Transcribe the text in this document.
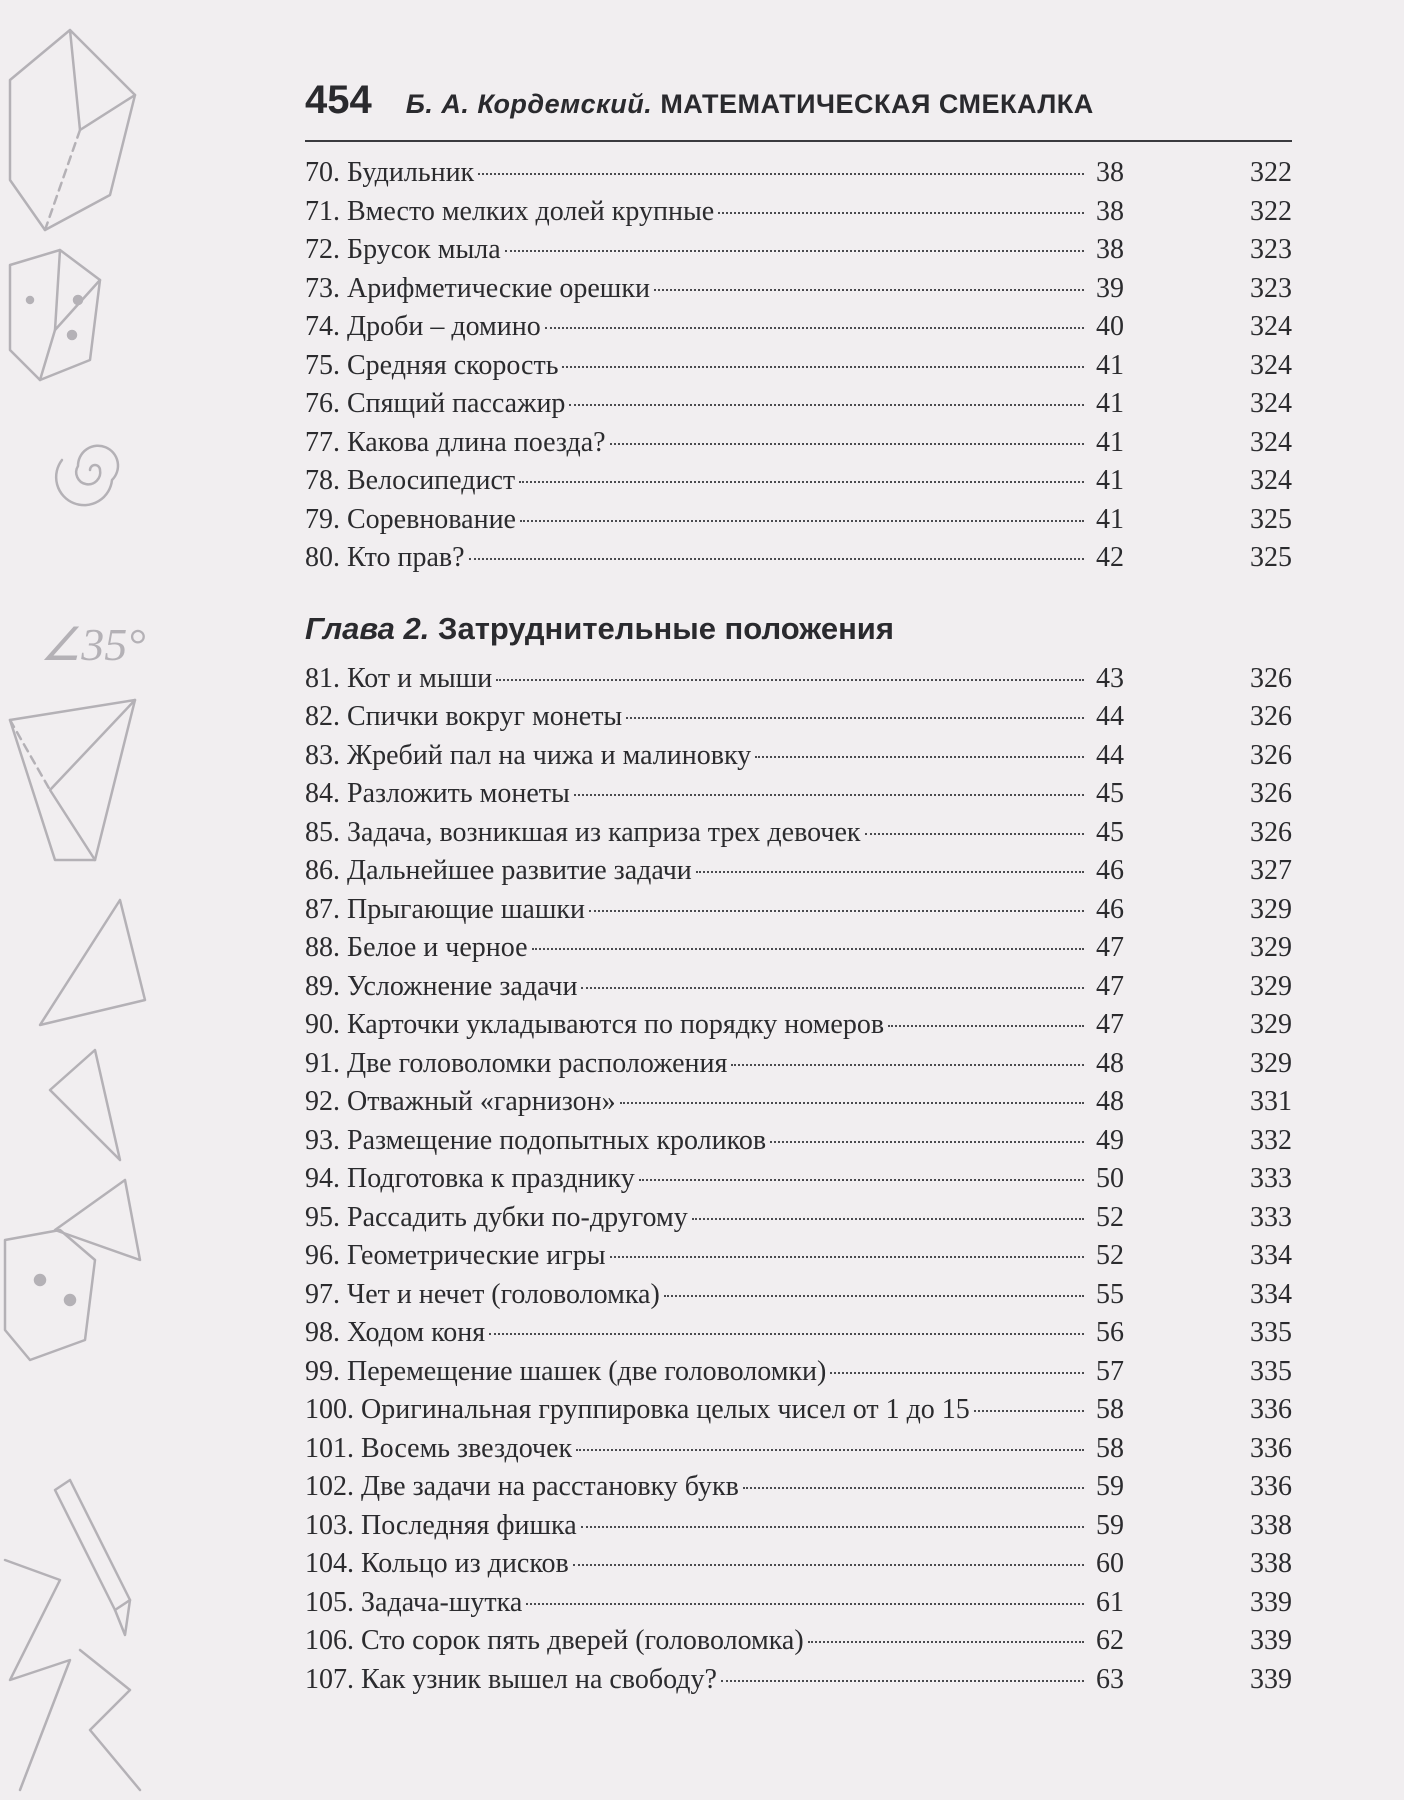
∠35°
454 Б. А. Кордемский. МАТЕМАТИЧЕСКАЯ СМЕКАЛКА
70. Будильник	38	322
71. Вместо мелких долей крупные	38	322
72. Брусок мыла	38	323
73. Арифметические орешки	39	323
74. Дроби – домино	40	324
75. Средняя скорость	41	324
76. Спящий пассажир	41	324
77. Какова длина поезда?	41	324
78. Велосипедист	41	324
79. Соревнование	41	325
80. Кто прав?	42	325
Глава 2. Затруднительные положения
81. Кот и мыши	43	326
82. Спички вокруг монеты	44	326
83. Жребий пал на чижа и малиновку	44	326
84. Разложить монеты	45	326
85. Задача, возникшая из каприза трех девочек	45	326
86. Дальнейшее развитие задачи	46	327
87. Прыгающие шашки	46	329
88. Белое и черное	47	329
89. Усложнение задачи	47	329
90. Карточки укладываются по порядку номеров	47	329
91. Две головоломки расположения	48	329
92. Отважный «гарнизон»	48	331
93. Размещение подопытных кроликов	49	332
94. Подготовка к празднику	50	333
95. Рассадить дубки по-другому	52	333
96. Геометрические игры	52	334
97. Чет и нечет (головоломка)	55	334
98. Ходом коня	56	335
99. Перемещение шашек (две головоломки)	57	335
100. Оригинальная группировка целых чисел от 1 до 15	58	336
101. Восемь звездочек	58	336
102. Две задачи на расстановку букв	59	336
103. Последняя фишка	59	338
104. Кольцо из дисков	60	338
105. Задача-шутка	61	339
106. Сто сорок пять дверей (головоломка)	62	339
107. Как узник вышел на свободу?	63	339
